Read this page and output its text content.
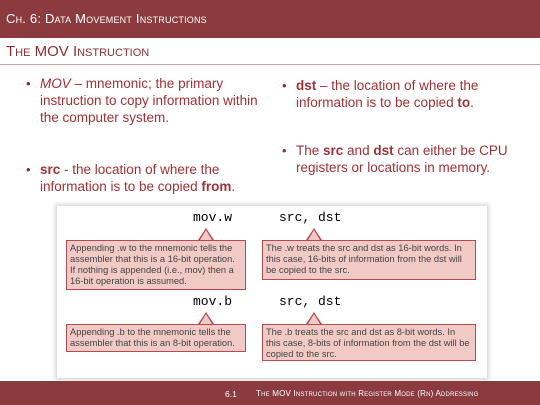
Ch. 6: Data Movement Instructions
The MOV Instruction
• MOV – mnemonic; the primary instruction to copy information within the computer system.
• src - the location of where the information is to be copied from.
• dst – the location of where the information is to be copied to.
• The src and dst can either be CPU registers or locations in memory.
mov.w	src, dst
Appending .w to the mnemonic tells the assembler that this is a 16-bit operation. If nothing is appended (i.e., mov) then a 16-bit operation is assumed.
The .w treats the src and dst as 16-bit words. In this case, 16-bits of information from the dst will be copied to the src.
mov.b	src, dst
Appending .b to the mnemonic tells the assembler that this is an 8-bit operation.
The .b treats the src and dst as 8-bit words. In this case, 8-bits of information from the dst will be copied to the src.
6.1 The MOV Instruction with Register Mode (Rn) Addressing
